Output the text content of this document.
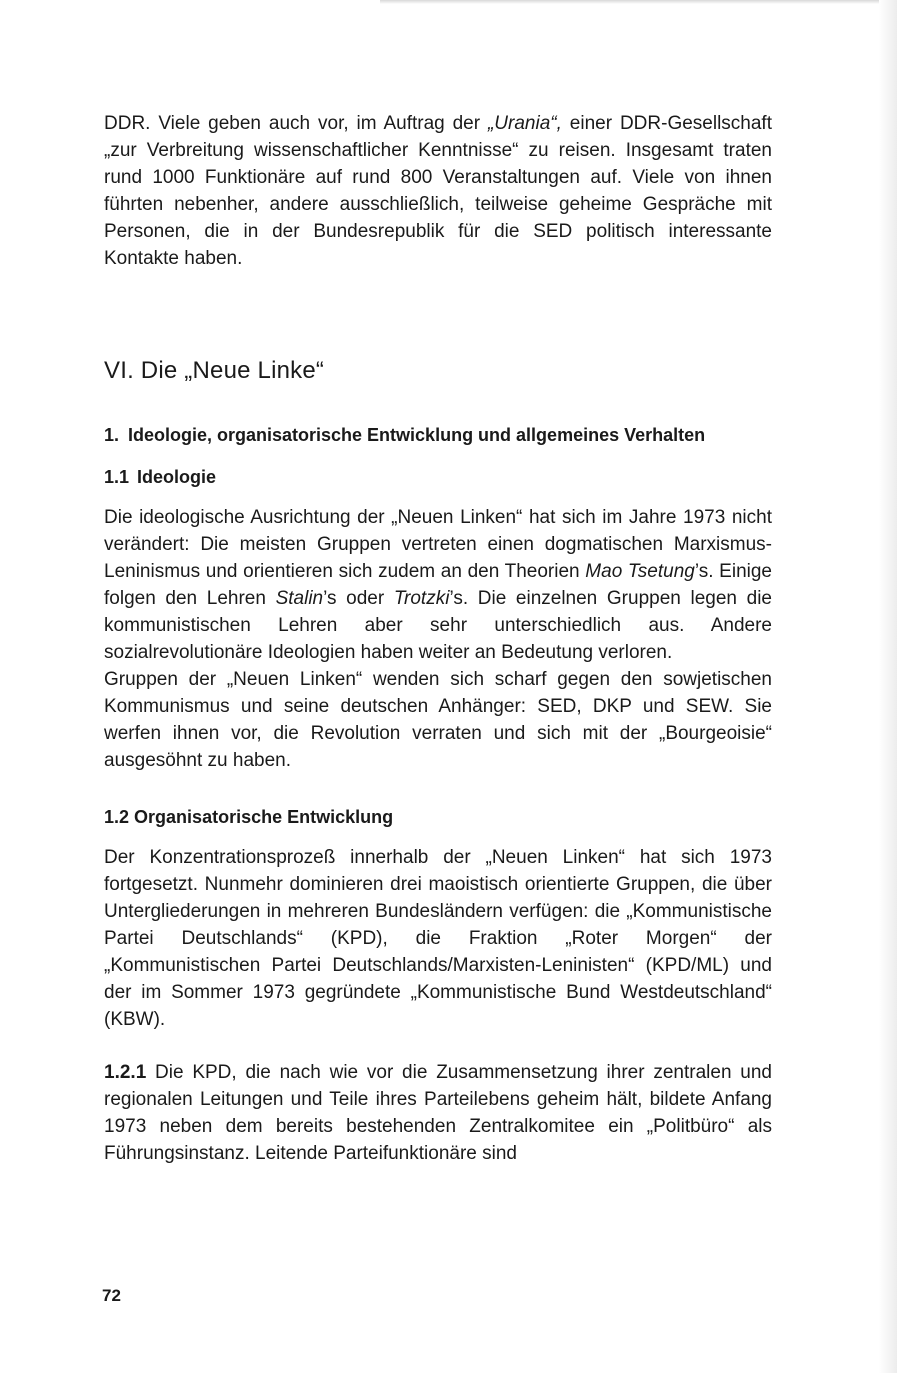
DDR. Viele geben auch vor, im Auftrag der „Urania“, einer DDR-Gesellschaft „zur Verbreitung wissenschaftlicher Kenntnisse“ zu reisen. Insgesamt traten rund 1000 Funktionäre auf rund 800 Veranstaltungen auf. Viele von ihnen führten nebenher, andere ausschließlich, teilweise geheime Gespräche mit Personen, die in der Bundesrepublik für die SED politisch interessante Kontakte haben.

VI. Die „Neue Linke“
1. Ideologie, organisatorische Entwicklung und allgemeines Verhalten
1.1 Ideologie

Die ideologische Ausrichtung der „Neuen Linken“ hat sich im Jahre 1973 nicht verändert: Die meisten Gruppen vertreten einen dogmatischen Marxismus-Leninismus und orientieren sich zudem an den Theorien Mao Tsetung’s. Einige folgen den Lehren Stalin’s oder Trotzki’s. Die einzelnen Gruppen legen die kommunistischen Lehren aber sehr unterschiedlich aus. Andere sozialrevolutionäre Ideologien haben weiter an Bedeutung verloren.

Gruppen der „Neuen Linken“ wenden sich scharf gegen den sowjetischen Kommunismus und seine deutschen Anhänger: SED, DKP und SEW. Sie werfen ihnen vor, die Revolution verraten und sich mit der „Bourgeoisie“ ausgesöhnt zu haben.

1.2 Organisatorische Entwicklung

Der Konzentrationsprozeß innerhalb der „Neuen Linken“ hat sich 1973 fortgesetzt. Nunmehr dominieren drei maoistisch orientierte Gruppen, die über Untergliederungen in mehreren Bundesländern verfügen: die „Kommunistische Partei Deutschlands“ (KPD), die Fraktion „Roter Morgen“ der „Kommunistischen Partei Deutschlands/Marxisten-Leninisten“ (KPD/ML) und der im Sommer 1973 gegründete „Kommunistische Bund Westdeutschland“ (KBW).

1.2.1 Die KPD, die nach wie vor die Zusammensetzung ihrer zentralen und regionalen Leitungen und Teile ihres Parteilebens geheim hält, bildete Anfang 1973 neben dem bereits bestehenden Zentralkomitee ein „Politbüro“ als Führungsinstanz. Leitende Parteifunktionäre sind

72
